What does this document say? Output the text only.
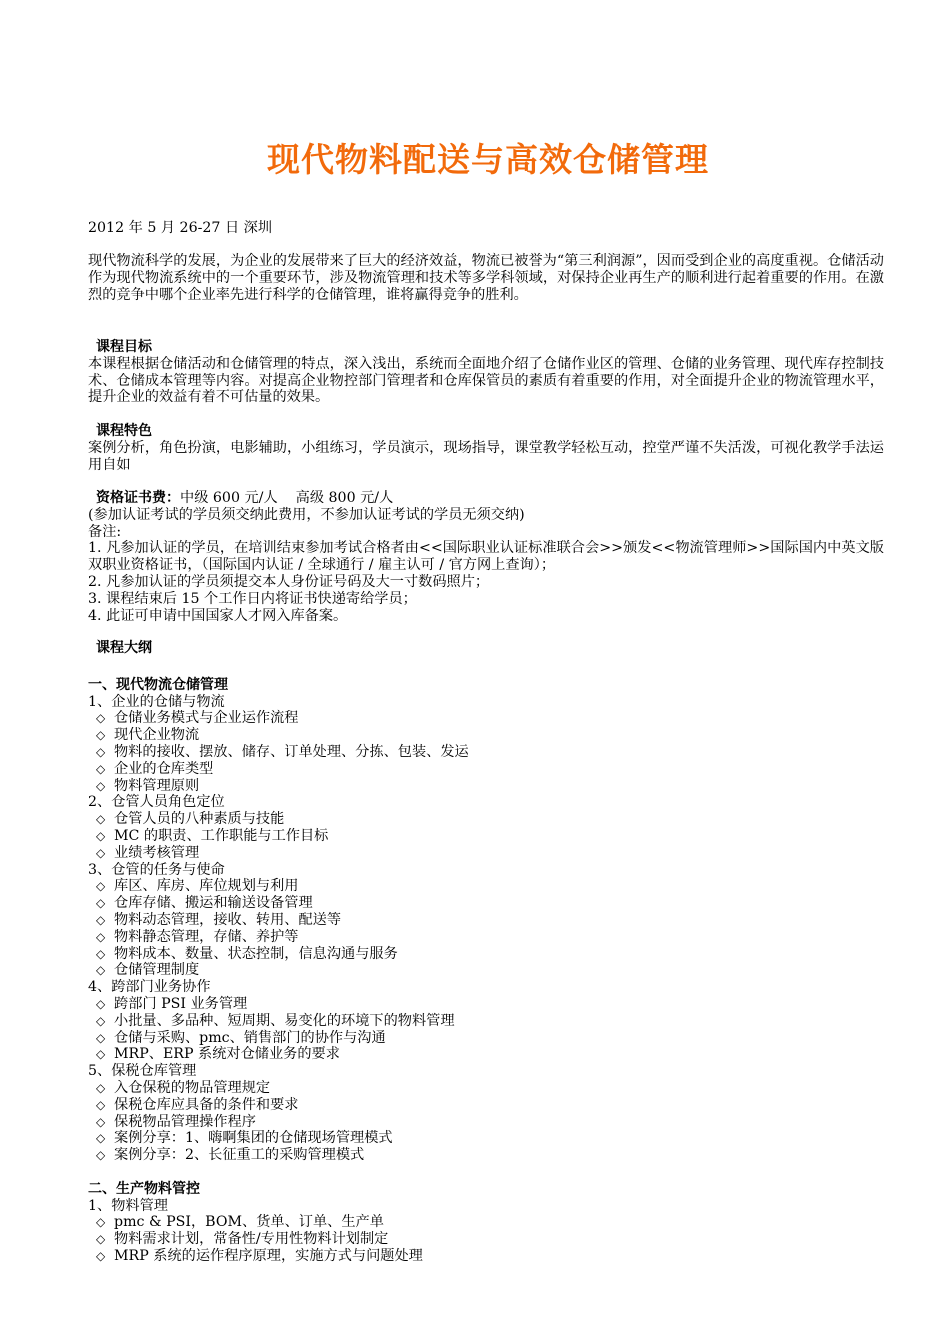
现代物料配送与高效仓储管理
2012 年 5 月 26-27 日 深圳
现代物流科学的发展，为企业的发展带来了巨大的经济效益，物流已被誉为“第三利润源”，因而受到企业的高度重视。仓储活动作为现代物流系统中的一个重要环节，涉及物流管理和技术等多学科领域，对保持企业再生产的顺利进行起着重要的作用。在激烈的竞争中哪个企业率先进行科学的仓储管理，谁将赢得竞争的胜利。
课程目标
本课程根据仓储活动和仓储管理的特点，深入浅出，系统而全面地介绍了仓储作业区的管理、仓储的业务管理、现代库存控制技术、仓储成本管理等内容。对提高企业物控部门管理者和仓库保管员的素质有着重要的作用，对全面提升企业的物流管理水平，提升企业的效益有着不可估量的效果。
课程特色
案例分析，角色扮演，电影辅助，小组练习，学员演示，现场指导，课堂教学轻松互动，控堂严谨不失活泼，可视化教学手法运用自如
资格证书费：中级 600 元/人 高级 800 元/人
(参加认证考试的学员须交纳此费用，不参加认证考试的学员无须交纳)
备注:
1. 凡参加认证的学员，在培训结束参加考试合格者由<<国际职业认证标准联合会>>颁发<<物流管理师>>国际国内中英文版双职业资格证书，（国际国内认证 / 全球通行 / 雇主认可 / 官方网上查询）；
2. 凡参加认证的学员须提交本人身份证号码及大一寸数码照片；
3. 课程结束后 15 个工作日内将证书快递寄给学员；
4. 此证可申请中国国家人才网入库备案。
课程大纲
一、现代物流仓储管理
1、企业的仓储与物流
◇ 仓储业务模式与企业运作流程
◇ 现代企业物流
◇ 物料的接收、摆放、储存、订单处理、分拣、包装、发运
◇ 企业的仓库类型
◇ 物料管理原则
2、仓管人员角色定位
◇ 仓管人员的八种素质与技能
◇ MC 的职责、工作职能与工作目标
◇ 业绩考核管理
3、仓管的任务与使命
◇ 库区、库房、库位规划与利用
◇ 仓库存储、搬运和输送设备管理
◇ 物料动态管理，接收、转用、配送等
◇ 物料静态管理，存储、养护等
◇ 物料成本、数量、状态控制，信息沟通与服务
◇ 仓储管理制度
4、跨部门业务协作
◇ 跨部门 PSI 业务管理
◇ 小批量、多品种、短周期、易变化的环境下的物料管理
◇ 仓储与采购、pmc、销售部门的协作与沟通
◇ MRP、ERP 系统对仓储业务的要求
5、保税仓库管理
◇ 入仓保税的物品管理规定
◇ 保税仓库应具备的条件和要求
◇ 保税物品管理操作程序
◇ 案例分享：1、嗨啊集团的仓储现场管理模式
◇ 案例分享：2、长征重工的采购管理模式
二、生产物料管控
1、物料管理
◇ pmc & PSI，BOM、货单、订单、生产单
◇ 物料需求计划，常备性/专用性物料计划制定
◇ MRP 系统的运作程序原理，实施方式与问题处理
